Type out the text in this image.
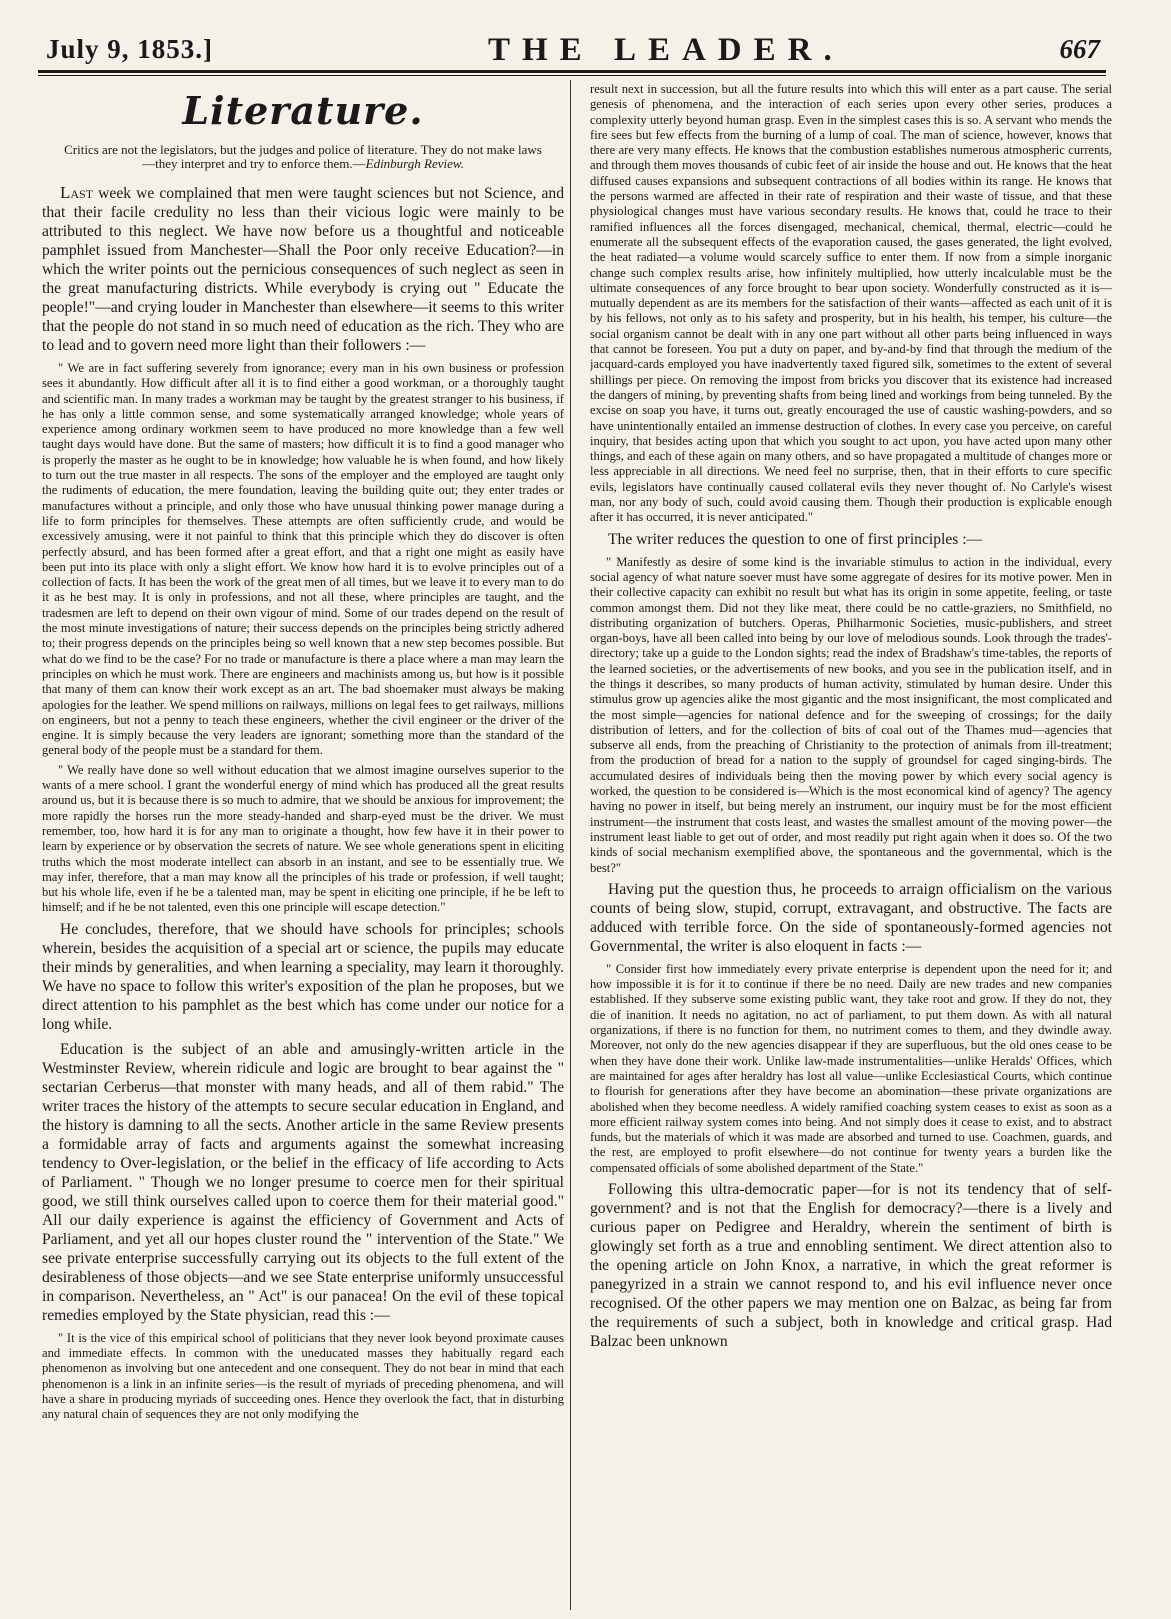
July 9, 1853.]	THE LEADER.	667
Literature.
Critics are not the legislators, but the judges and police of literature. They do not make laws—they interpret and try to enforce them.—Edinburgh Review.

Last week we complained that men were taught sciences but not Science, and that their facile credulity no less than their vicious logic were mainly to be attributed to this neglect. We have now before us a thoughtful and noticeable pamphlet issued from Manchester—Shall the Poor only receive Education?—in which the writer points out the pernicious consequences of such neglect as seen in the great manufacturing districts. While everybody is crying out " Educate the people!"—and crying louder in Manchester than elsewhere—it seems to this writer that the people do not stand in so much need of education as the rich. They who are to lead and to govern need more light than their followers :—

" We are in fact suffering severely from ignorance; every man in his own business or profession sees it abundantly. How difficult after all it is to find either a good workman, or a thoroughly taught and scientific man. In many trades a workman may be taught by the greatest stranger to his business, if he has only a little common sense, and some systematically arranged knowledge; whole years of experience among ordinary workmen seem to have produced no more knowledge than a few well taught days would have done. But the same of masters; how difficult it is to find a good manager who is properly the master as he ought to be in knowledge; how valuable he is when found, and how likely to turn out the true master in all respects. The sons of the employer and the employed are taught only the rudiments of education, the mere foundation, leaving the building quite out; they enter trades or manufactures without a principle, and only those who have unusual thinking power manage during a life to form principles for themselves. These attempts are often sufficiently crude, and would be excessively amusing, were it not painful to think that this principle which they do discover is often perfectly absurd, and has been formed after a great effort, and that a right one might as easily have been put into its place with only a slight effort. We know how hard it is to evolve principles out of a collection of facts. It has been the work of the great men of all times, but we leave it to every man to do it as he best may. It is only in professions, and not all these, where principles are taught, and the tradesmen are left to depend on their own vigour of mind. Some of our trades depend on the result of the most minute investigations of nature; their success depends on the principles being strictly adhered to; their progress depends on the principles being so well known that a new step becomes possible. But what do we find to be the case? For no trade or manufacture is there a place where a man may learn the principles on which he must work. There are engineers and machinists among us, but how is it possible that many of them can know their work except as an art. The bad shoemaker must always be making apologies for the leather. We spend millions on railways, millions on legal fees to get railways, millions on engineers, but not a penny to teach these engineers, whether the civil engineer or the driver of the engine. It is simply because the very leaders are ignorant; something more than the standard of the general body of the people must be a standard for them.

" We really have done so well without education that we almost imagine ourselves superior to the wants of a mere school. I grant the wonderful energy of mind which has produced all the great results around us, but it is because there is so much to admire, that we should be anxious for improvement; the more rapidly the horses run the more steady-handed and sharp-eyed must be the driver. We must remember, too, how hard it is for any man to originate a thought, how few have it in their power to learn by experience or by observation the secrets of nature. We see whole generations spent in eliciting truths which the most moderate intellect can absorb in an instant, and see to be essentially true. We may infer, therefore, that a man may know all the principles of his trade or profession, if well taught; but his whole life, even if he be a talented man, may be spent in eliciting one principle, if he be left to himself; and if he be not talented, even this one principle will escape detection."

He concludes, therefore, that we should have schools for principles; schools wherein, besides the acquisition of a special art or science, the pupils may educate their minds by generalities, and when learning a speciality, may learn it thoroughly. We have no space to follow this writer's exposition of the plan he proposes, but we direct attention to his pamphlet as the best which has come under our notice for a long while.

Education is the subject of an able and amusingly-written article in the Westminster Review, wherein ridicule and logic are brought to bear against the " sectarian Cerberus—that monster with many heads, and all of them rabid." The writer traces the history of the attempts to secure secular education in England, and the history is damning to all the sects. Another article in the same Review presents a formidable array of facts and arguments against the somewhat increasing tendency to Over-legislation, or the belief in the efficacy of life according to Acts of Parliament. " Though we no longer presume to coerce men for their spiritual good, we still think ourselves called upon to coerce them for their material good." All our daily experience is against the efficiency of Government and Acts of Parliament, and yet all our hopes cluster round the " intervention of the State." We see private enterprise successfully carrying out its objects to the full extent of the desirableness of those objects—and we see State enterprise uniformly unsuccessful in comparison. Nevertheless, an " Act" is our panacea! On the evil of these topical remedies employed by the State physician, read this :—

" It is the vice of this empirical school of politicians that they never look beyond proximate causes and immediate effects. In common with the uneducated masses they habitually regard each phenomenon as involving but one antecedent and one consequent. They do not bear in mind that each phenomenon is a link in an infinite series—is the result of myriads of preceding phenomena, and will have a share in producing myriads of succeeding ones. Hence they overlook the fact, that in disturbing any natural chain of sequences they are not only modifying the

result next in succession, but all the future results into which this will enter as a part cause. The serial genesis of phenomena, and the interaction of each series upon every other series, produces a complexity utterly beyond human grasp. Even in the simplest cases this is so. A servant who mends the fire sees but few effects from the burning of a lump of coal. The man of science, however, knows that there are very many effects. He knows that the combustion establishes numerous atmospheric currents, and through them moves thousands of cubic feet of air inside the house and out. He knows that the heat diffused causes expansions and subsequent contractions of all bodies within its range. He knows that the persons warmed are affected in their rate of respiration and their waste of tissue, and that these physiological changes must have various secondary results. He knows that, could he trace to their ramified influences all the forces disengaged, mechanical, chemical, thermal, electric—could he enumerate all the subsequent effects of the evaporation caused, the gases generated, the light evolved, the heat radiated—a volume would scarcely suffice to enter them. If now from a simple inorganic change such complex results arise, how infinitely multiplied, how utterly incalculable must be the ultimate consequences of any force brought to bear upon society. Wonderfully constructed as it is—mutually dependent as are its members for the satisfaction of their wants—affected as each unit of it is by his fellows, not only as to his safety and prosperity, but in his health, his temper, his culture—the social organism cannot be dealt with in any one part without all other parts being influenced in ways that cannot be foreseen. You put a duty on paper, and by-and-by find that through the medium of the jacquard-cards employed you have inadvertently taxed figured silk, sometimes to the extent of several shillings per piece. On removing the impost from bricks you discover that its existence had increased the dangers of mining, by preventing shafts from being lined and workings from being tunneled. By the excise on soap you have, it turns out, greatly encouraged the use of caustic washing-powders, and so have unintentionally entailed an immense destruction of clothes. In every case you perceive, on careful inquiry, that besides acting upon that which you sought to act upon, you have acted upon many other things, and each of these again on many others, and so have propagated a multitude of changes more or less appreciable in all directions. We need feel no surprise, then, that in their efforts to cure specific evils, legislators have continually caused collateral evils they never thought of. No Carlyle's wisest man, nor any body of such, could avoid causing them. Though their production is explicable enough after it has occurred, it is never anticipated."

The writer reduces the question to one of first principles :—

" Manifestly as desire of some kind is the invariable stimulus to action in the individual, every social agency of what nature soever must have some aggregate of desires for its motive power. Men in their collective capacity can exhibit no result but what has its origin in some appetite, feeling, or taste common amongst them. Did not they like meat, there could be no cattle-graziers, no Smithfield, no distributing organization of butchers. Operas, Philharmonic Societies, music-publishers, and street organ-boys, have all been called into being by our love of melodious sounds. Look through the trades'-directory; take up a guide to the London sights; read the index of Bradshaw's time-tables, the reports of the learned societies, or the advertisements of new books, and you see in the publication itself, and in the things it describes, so many products of human activity, stimulated by human desire. Under this stimulus grow up agencies alike the most gigantic and the most insignificant, the most complicated and the most simple—agencies for national defence and for the sweeping of crossings; for the daily distribution of letters, and for the collection of bits of coal out of the Thames mud—agencies that subserve all ends, from the preaching of Christianity to the protection of animals from ill-treatment; from the production of bread for a nation to the supply of groundsel for caged singing-birds. The accumulated desires of individuals being then the moving power by which every social agency is worked, the question to be considered is—Which is the most economical kind of agency? The agency having no power in itself, but being merely an instrument, our inquiry must be for the most efficient instrument—the instrument that costs least, and wastes the smallest amount of the moving power—the instrument least liable to get out of order, and most readily put right again when it does so. Of the two kinds of social mechanism exemplified above, the spontaneous and the governmental, which is the best?"

Having put the question thus, he proceeds to arraign officialism on the various counts of being slow, stupid, corrupt, extravagant, and obstructive. The facts are adduced with terrible force. On the side of spontaneously-formed agencies not Governmental, the writer is also eloquent in facts :—

" Consider first how immediately every private enterprise is dependent upon the need for it; and how impossible it is for it to continue if there be no need. Daily are new trades and new companies established. If they subserve some existing public want, they take root and grow. If they do not, they die of inanition. It needs no agitation, no act of parliament, to put them down. As with all natural organizations, if there is no function for them, no nutriment comes to them, and they dwindle away. Moreover, not only do the new agencies disappear if they are superfluous, but the old ones cease to be when they have done their work. Unlike law-made instrumentalities—unlike Heralds' Offices, which are maintained for ages after heraldry has lost all value—unlike Ecclesiastical Courts, which continue to flourish for generations after they have become an abomination—these private organizations are abolished when they become needless. A widely ramified coaching system ceases to exist as soon as a more efficient railway system comes into being. And not simply does it cease to exist, and to abstract funds, but the materials of which it was made are absorbed and turned to use. Coachmen, guards, and the rest, are employed to profit elsewhere—do not continue for twenty years a burden like the compensated officials of some abolished department of the State."

Following this ultra-democratic paper—for is not its tendency that of self-government? and is not that the English for democracy?—there is a lively and curious paper on Pedigree and Heraldry, wherein the sentiment of birth is glowingly set forth as a true and ennobling sentiment. We direct attention also to the opening article on John Knox, a narrative, in which the great reformer is panegyrized in a strain we cannot respond to, and his evil influence never once recognised. Of the other papers we may mention one on Balzac, as being far from the requirements of such a subject, both in knowledge and critical grasp. Had Balzac been unknown
